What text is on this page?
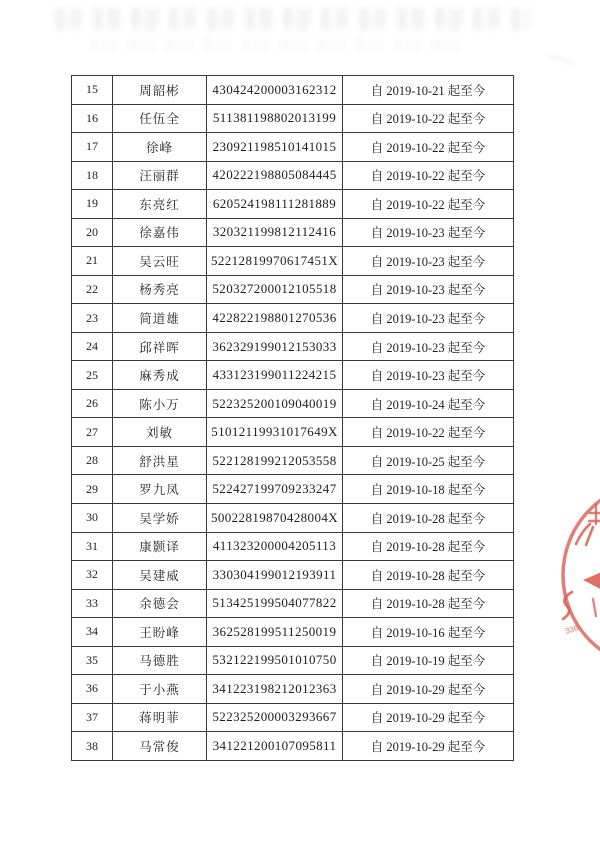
15	周韶彬	430424200003162312	自 2019-10-21 起至今
16	任伍全	511381198802013199	自 2019-10-22 起至今
17	徐峰	230921198510141015	自 2019-10-22 起至今
18	汪丽群	420222198805084445	自 2019-10-22 起至今
19	东亮红	620524198111281889	自 2019-10-22 起至今
20	徐嘉伟	320321199812112416	自 2019-10-23 起至今
21	吴云旺	52212819970617451X	自 2019-10-23 起至今
22	杨秀亮	520327200012105518	自 2019-10-23 起至今
23	简道雄	422822198801270536	自 2019-10-23 起至今
24	邱祥晖	362329199012153033	自 2019-10-23 起至今
25	麻秀成	433123199011224215	自 2019-10-23 起至今
26	陈小万	522325200109040019	自 2019-10-24 起至今
27	刘敏	51012119931017649X	自 2019-10-22 起至今
28	舒洪星	522128199212053558	自 2019-10-25 起至今
29	罗九凤	522427199709233247	自 2019-10-18 起至今
30	吴学娇	50022819870428004X	自 2019-10-28 起至今
31	康颢译	411323200004205113	自 2019-10-28 起至今
32	吴建威	330304199012193911	自 2019-10-28 起至今
33	余德会	513425199504077822	自 2019-10-28 起至今
34	王盼峰	362528199511250019	自 2019-10-16 起至今
35	马德胜	532122199501010750	自 2019-10-19 起至今
36	于小燕	341223198212012363	自 2019-10-29 起至今
37	蒋明菲	522325200003293667	自 2019-10-29 起至今
38	马常俊	341221200107095811	自 2019-10-29 起至今
336
